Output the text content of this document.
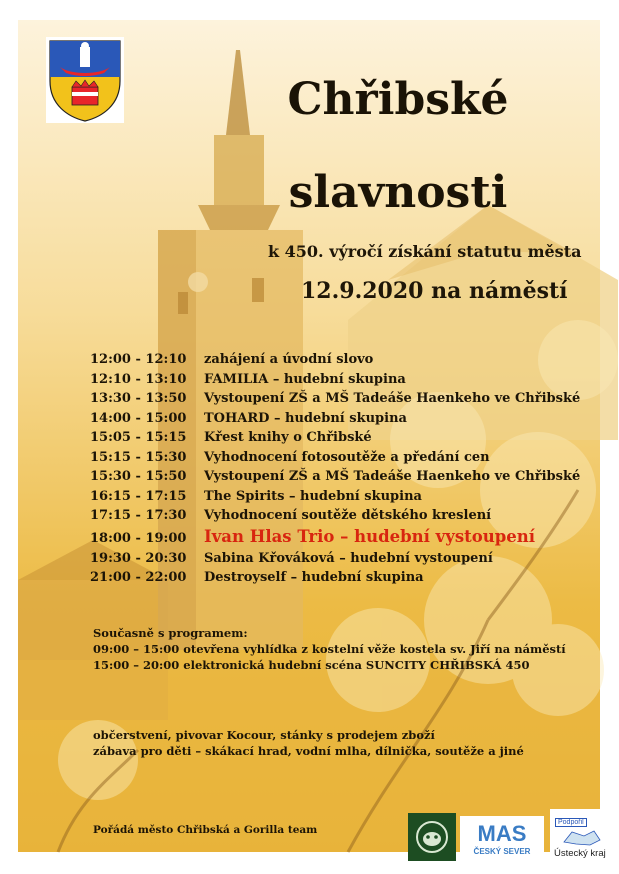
Chřibské
slavnosti
k 450. výročí získání statutu města
12.9.2020 na náměstí
12:00 - 12:10 zahájení a úvodní slovo
12:10 - 13:10 FAMILIA – hudební skupina
13:30 - 13:50 Vystoupení ZŠ a MŠ Tadeáše Haenkeho ve Chřibské
14:00 - 15:00 TOHARD – hudební skupina
15:05 - 15:15 Křest knihy o Chřibské
15:15 - 15:30 Vyhodnocení fotosoutěže a předání cen
15:30 - 15:50 Vystoupení ZŠ a MŠ Tadeáše Haenkeho ve Chřibské
16:15 - 17:15 The Spirits – hudební skupina
17:15 - 17:30 Vyhodnocení soutěže dětského kreslení
18:00 - 19:00 Ivan Hlas Trio – hudební vystoupení
19:30 - 20:30 Sabina Křováková – hudební vystoupení
21:00 - 22:00 Destroyself – hudební skupina
Současně s programem:
09:00 – 15:00 otevřena vyhlídka z kostelní věže kostela sv. Jiří na náměstí
15:00 – 20:00 elektronická hudební scéna SUNCITY CHŘIBSKÁ 450
občerstvení, pivovar Kocour, stánky s prodejem zboží
zábava pro děti – skákací hrad, vodní mlha, dílnička, soutěže a jiné
Pořádá město Chřibská a Gorilla team	MAS
ČESKÝ SEVER
Podpořil
Ústecký kraj
